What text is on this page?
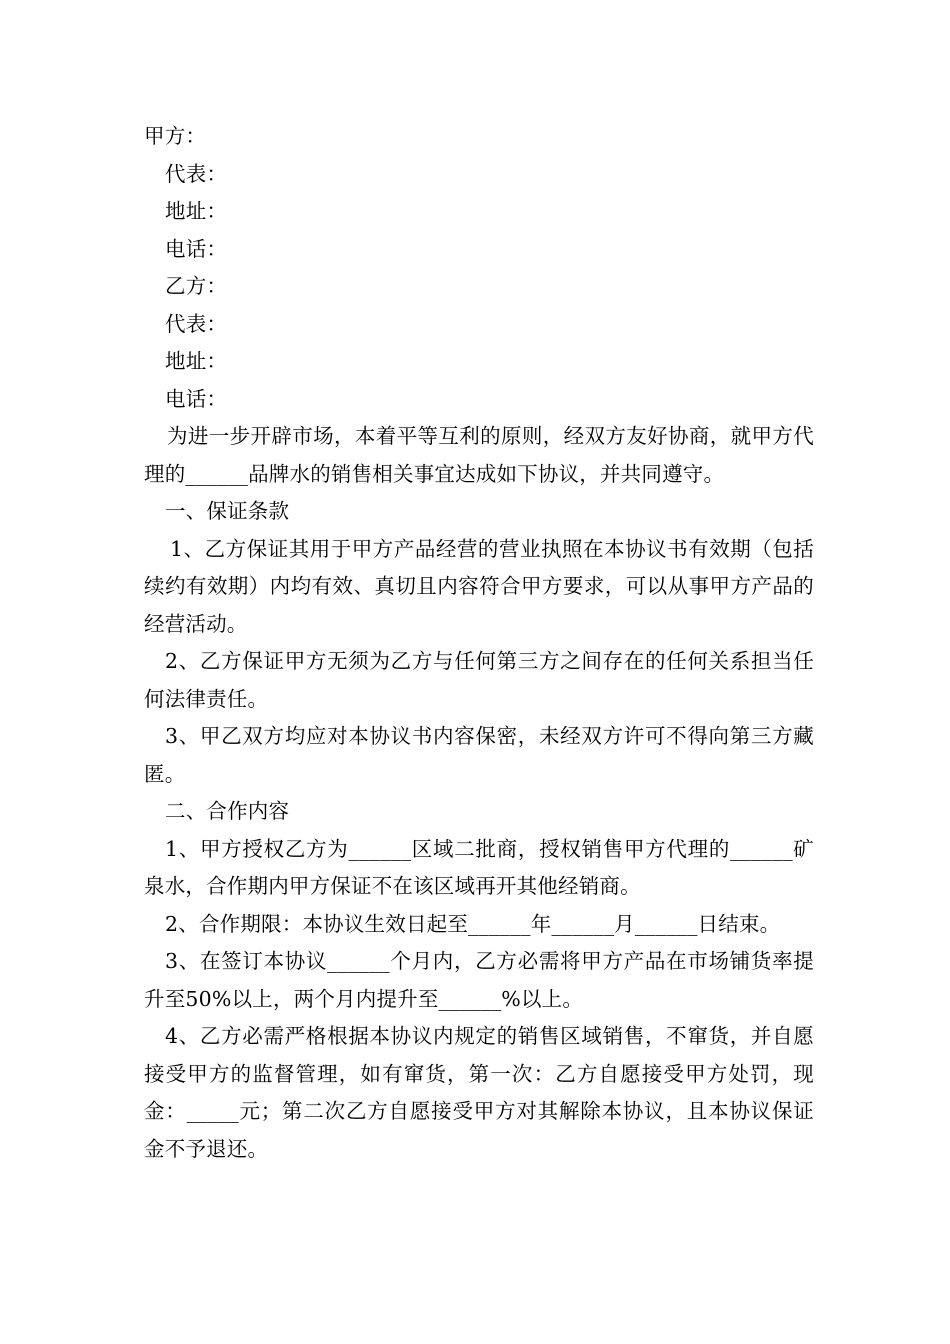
甲方：

代表：

地址：

电话：

乙方：

代表：

地址：

电话：

为进一步开辟市场，本着平等互利的原则，经双方友好协商，就甲方代理的______品牌水的销售相关事宜达成如下协议，并共同遵守。

一、保证条款

1、乙方保证其用于甲方产品经营的营业执照在本协议书有效期（包括续约有效期）内均有效、真切且内容符合甲方要求，可以从事甲方产品的经营活动。

2、乙方保证甲方无须为乙方与任何第三方之间存在的任何关系担当任何法律责任。

3、甲乙双方均应对本协议书内容保密，未经双方许可不得向第三方藏匿。

二、合作内容

1、甲方授权乙方为______区域二批商，授权销售甲方代理的______矿泉水，合作期内甲方保证不在该区域再开其他经销商。

2、合作期限：本协议生效日起至______年______月______日结束。

3、在签订本协议______个月内，乙方必需将甲方产品在市场铺货率提升至50%以上，两个月内提升至______%以上。

4、乙方必需严格根据本协议内规定的销售区域销售，不窜货，并自愿接受甲方的监督管理，如有窜货，第一次：乙方自愿接受甲方处罚，现金：_____元；第二次乙方自愿接受甲方对其解除本协议，且本协议保证金不予退还。
